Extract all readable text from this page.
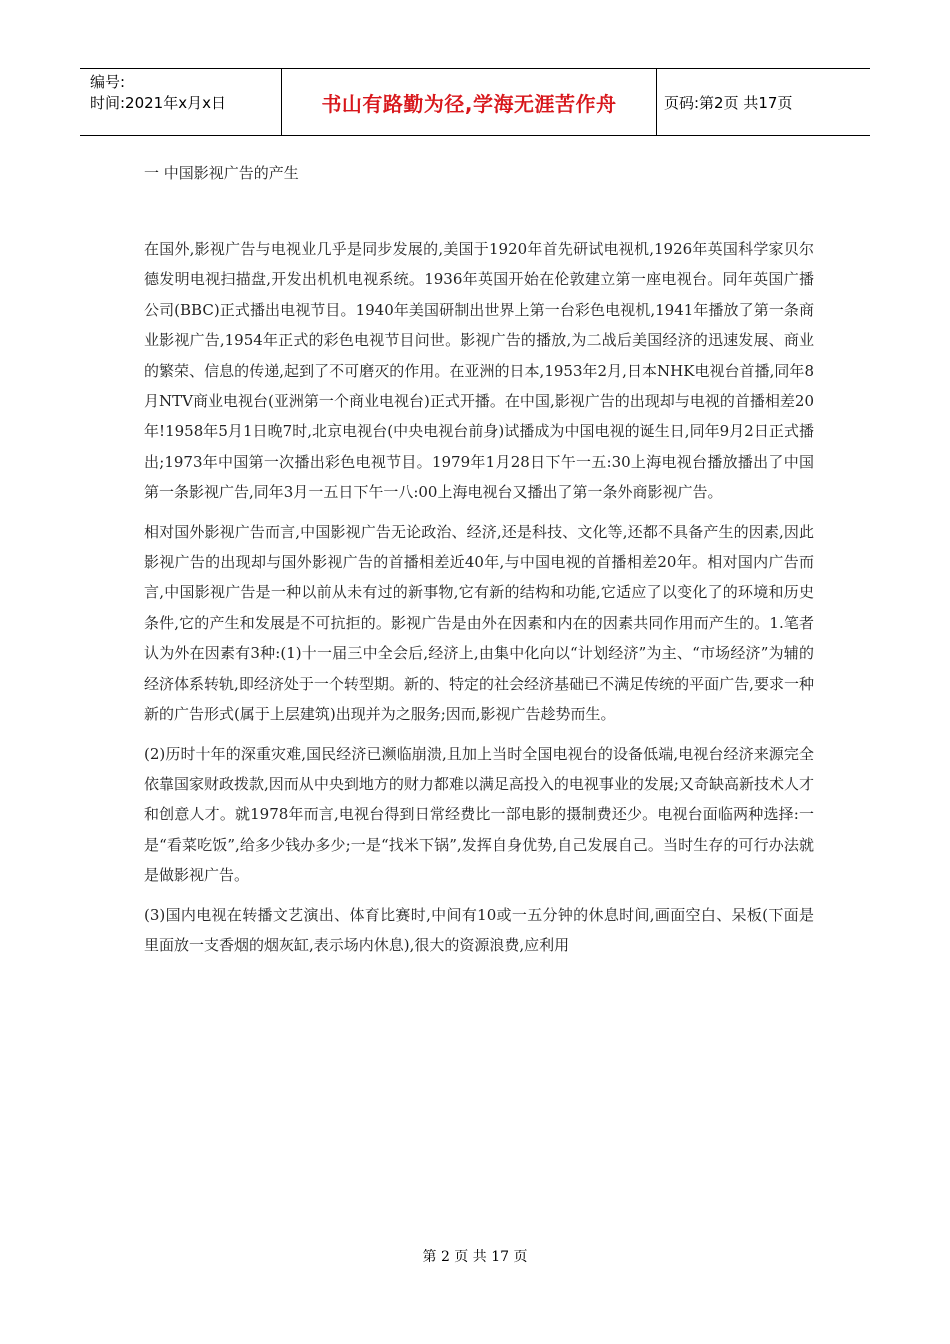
编号:
时间:2021年x月x日	书山有路勤为径,学海无涯苦作舟	页码:第2页 共17页

一 中国影视广告的产生

在国外,影视广告与电视业几乎是同步发展的,美国于1920年首先研试电视机,1926年英国科学家贝尔德发明电视扫描盘,开发出机机电视系统。1936年英国开始在伦敦建立第一座电视台。同年英国广播公司(BBC)正式播出电视节目。1940年美国研制出世界上第一台彩色电视机,1941年播放了第一条商业影视广告,1954年正式的彩色电视节目问世。影视广告的播放,为二战后美国经济的迅速发展、商业的繁荣、信息的传递,起到了不可磨灭的作用。在亚洲的日本,1953年2月,日本NHK电视台首播,同年8月NTV商业电视台(亚洲第一个商业电视台)正式开播。在中国,影视广告的出现却与电视的首播相差20年!1958年5月1日晚7时,北京电视台(中央电视台前身)试播成为中国电视的诞生日,同年9月2日正式播出;1973年中国第一次播出彩色电视节目。1979年1月28日下午一五:30上海电视台播放播出了中国第一条影视广告,同年3月一五日下午一八:00上海电视台又播出了第一条外商影视广告。

相对国外影视广告而言,中国影视广告无论政治、经济,还是科技、文化等,还都不具备产生的因素,因此影视广告的出现却与国外影视广告的首播相差近40年,与中国电视的首播相差20年。相对国内广告而言,中国影视广告是一种以前从未有过的新事物,它有新的结构和功能,它适应了以变化了的环境和历史条件,它的产生和发展是不可抗拒的。影视广告是由外在因素和内在的因素共同作用而产生的。1.笔者认为外在因素有3种:(1)十一届三中全会后,经济上,由集中化向以“计划经济”为主、“市场经济”为辅的经济体系转轨,即经济处于一个转型期。新的、特定的社会经济基础已不满足传统的平面广告,要求一种新的广告形式(属于上层建筑)出现并为之服务;因而,影视广告趁势而生。

(2)历时十年的深重灾难,国民经济已濒临崩溃,且加上当时全国电视台的设备低端,电视台经济来源完全依靠国家财政拨款,因而从中央到地方的财力都难以满足高投入的电视事业的发展;又奇缺高新技术人才和创意人才。就1978年而言,电视台得到日常经费比一部电影的摄制费还少。电视台面临两种选择:一是“看菜吃饭”,给多少钱办多少;一是“找米下锅”,发挥自身优势,自己发展自己。当时生存的可行办法就是做影视广告。

(3)国内电视在转播文艺演出、体育比赛时,中间有10或一五分钟的休息时间,画面空白、呆板(下面是里面放一支香烟的烟灰缸,表示场内休息),很大的资源浪费,应利用

第 2 页 共 17 页
